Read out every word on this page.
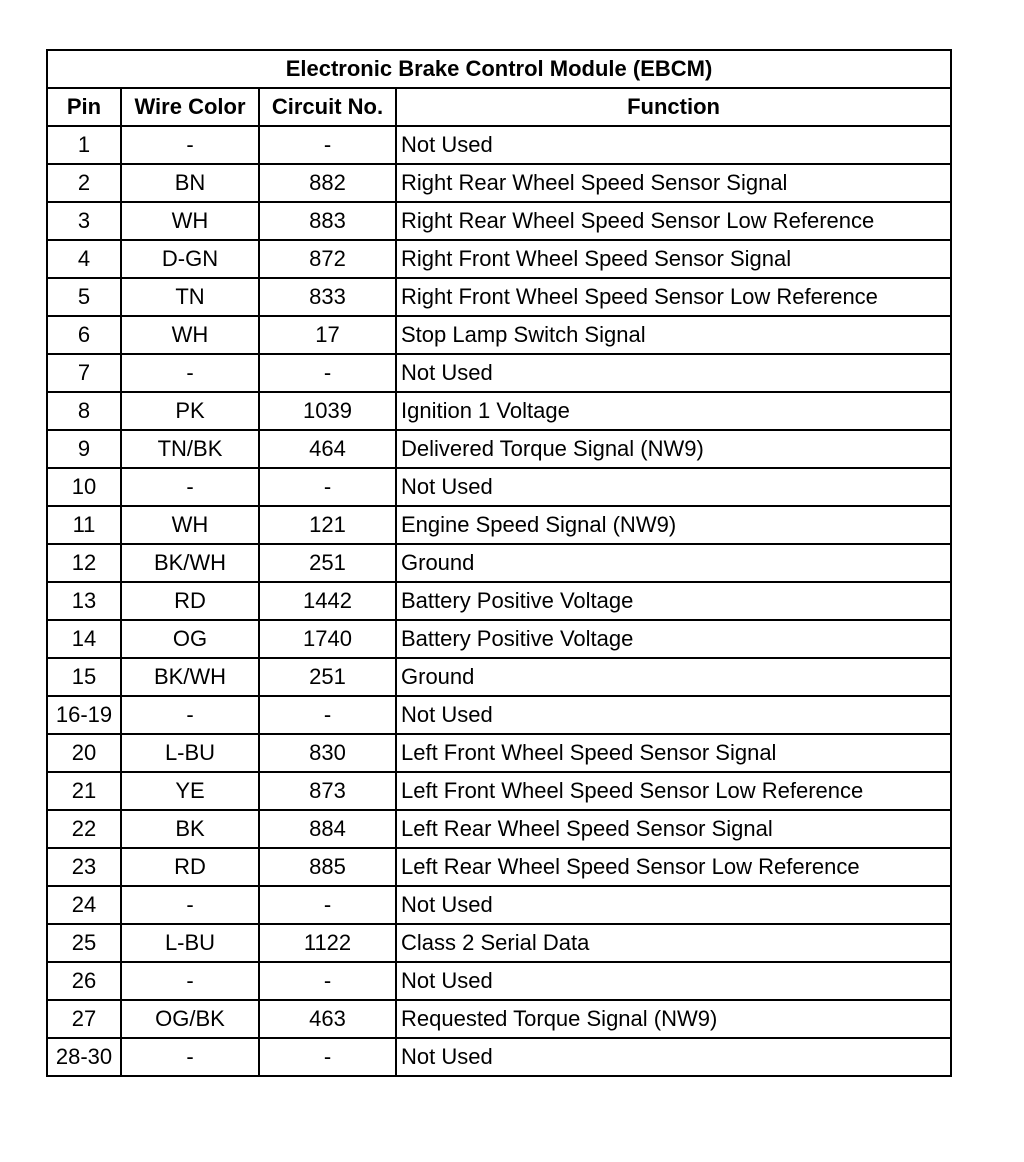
Electronic Brake Control Module (EBCM)			
Pin	Wire Color	Circuit No.	Function
1	-	-	Not Used
2	BN	882	Right Rear Wheel Speed Sensor Signal
3	WH	883	Right Rear Wheel Speed Sensor Low Reference
4	D-GN	872	Right Front Wheel Speed Sensor Signal
5	TN	833	Right Front Wheel Speed Sensor Low Reference
6	WH	17	Stop Lamp Switch Signal
7	-	-	Not Used
8	PK	1039	Ignition 1 Voltage
9	TN/BK	464	Delivered Torque Signal (NW9)
10	-	-	Not Used
11	WH	121	Engine Speed Signal (NW9)
12	BK/WH	251	Ground
13	RD	1442	Battery Positive Voltage
14	OG	1740	Battery Positive Voltage
15	BK/WH	251	Ground
16-19	-	-	Not Used
20	L-BU	830	Left Front Wheel Speed Sensor Signal
21	YE	873	Left Front Wheel Speed Sensor Low Reference
22	BK	884	Left Rear Wheel Speed Sensor Signal
23	RD	885	Left Rear Wheel Speed Sensor Low Reference
24	-	-	Not Used
25	L-BU	1122	Class 2 Serial Data
26	-	-	Not Used
27	OG/BK	463	Requested Torque Signal (NW9)
28-30	-	-	Not Used
